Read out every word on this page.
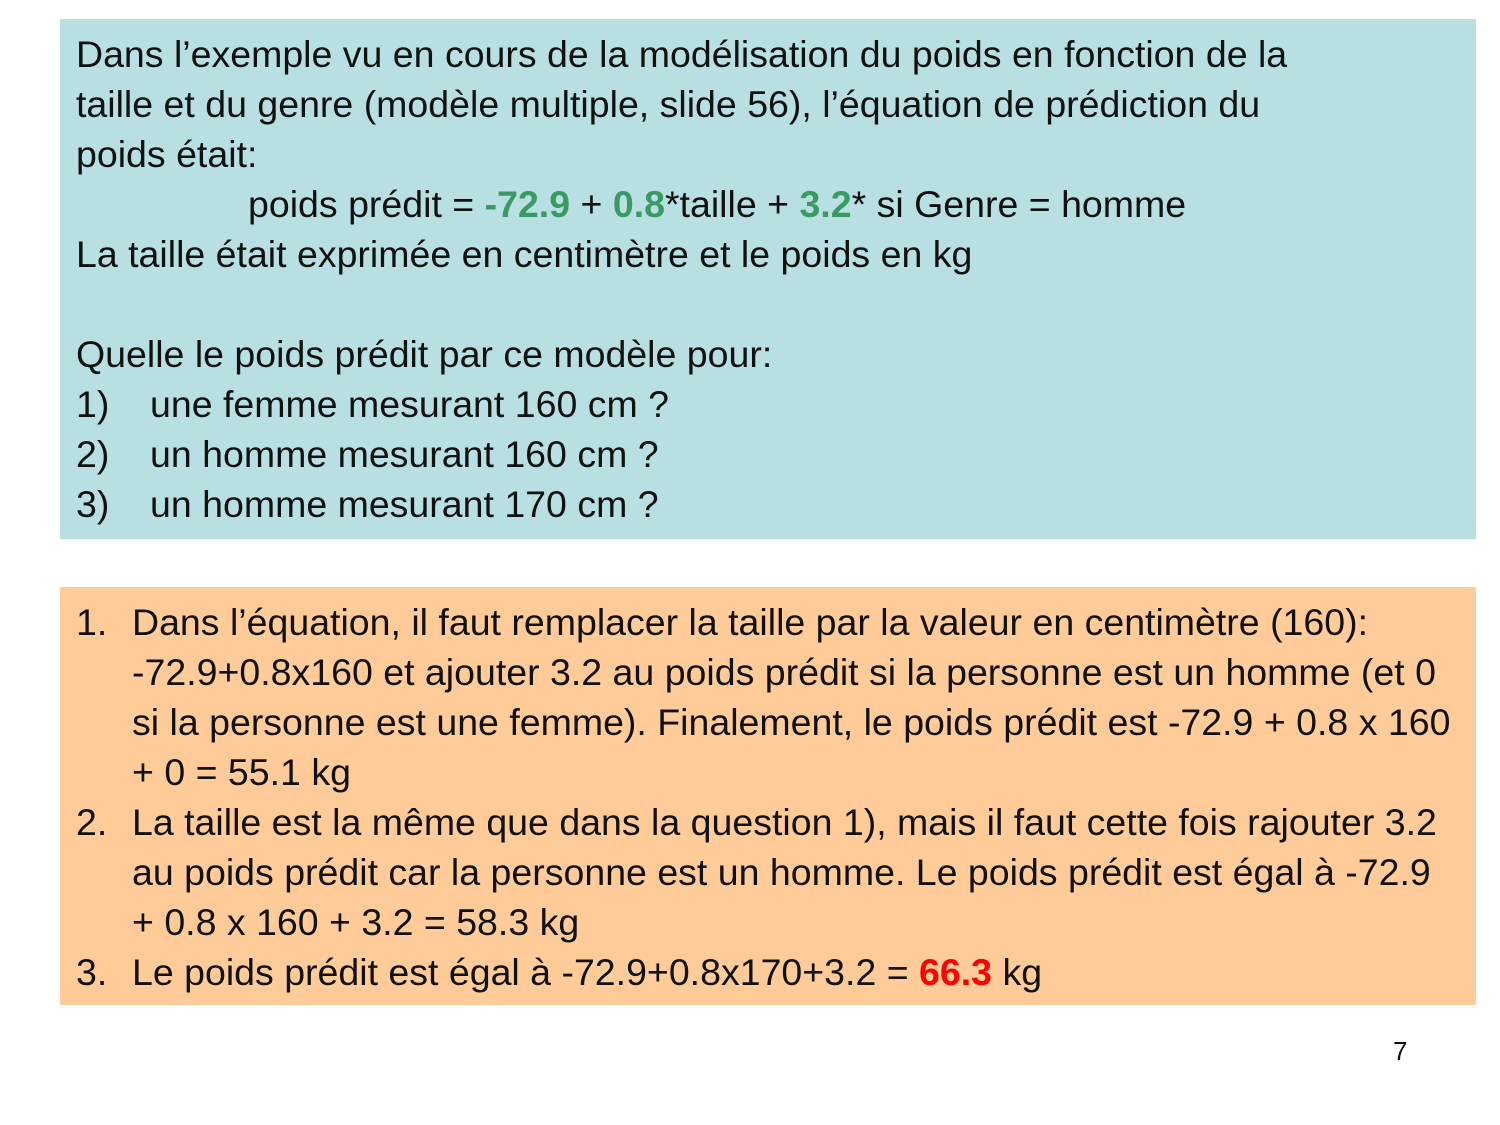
Dans l’exemple vu en cours de la modélisation du poids en fonction de la
taille et du genre (modèle multiple, slide 56), l’équation de prédiction du
poids était:
poids prédit = -72.9 + 0.8*taille + 3.2* si Genre = homme
La taille était exprimée en centimètre et le poids en kg
Quelle le poids prédit par ce modèle pour:
1)	une femme mesurant 160 cm ?
2)	un homme mesurant 160 cm ?
3)	un homme mesurant 170 cm ?
1. Dans l’équation, il faut remplacer la taille par la valeur en centimètre (160): -72.9+0.8x160 et ajouter 3.2 au poids prédit si la personne est un homme (et 0 si la personne est une femme). Finalement, le poids prédit est -72.9 + 0.8 x 160 + 0 = 55.1 kg
2. La taille est la même que dans la question 1), mais il faut cette fois rajouter 3.2 au poids prédit car la personne est un homme. Le poids prédit est égal à -72.9 + 0.8 x 160 + 3.2 = 58.3 kg
3. Le poids prédit est égal à -72.9+0.8x170+3.2 = 66.3 kg
7
